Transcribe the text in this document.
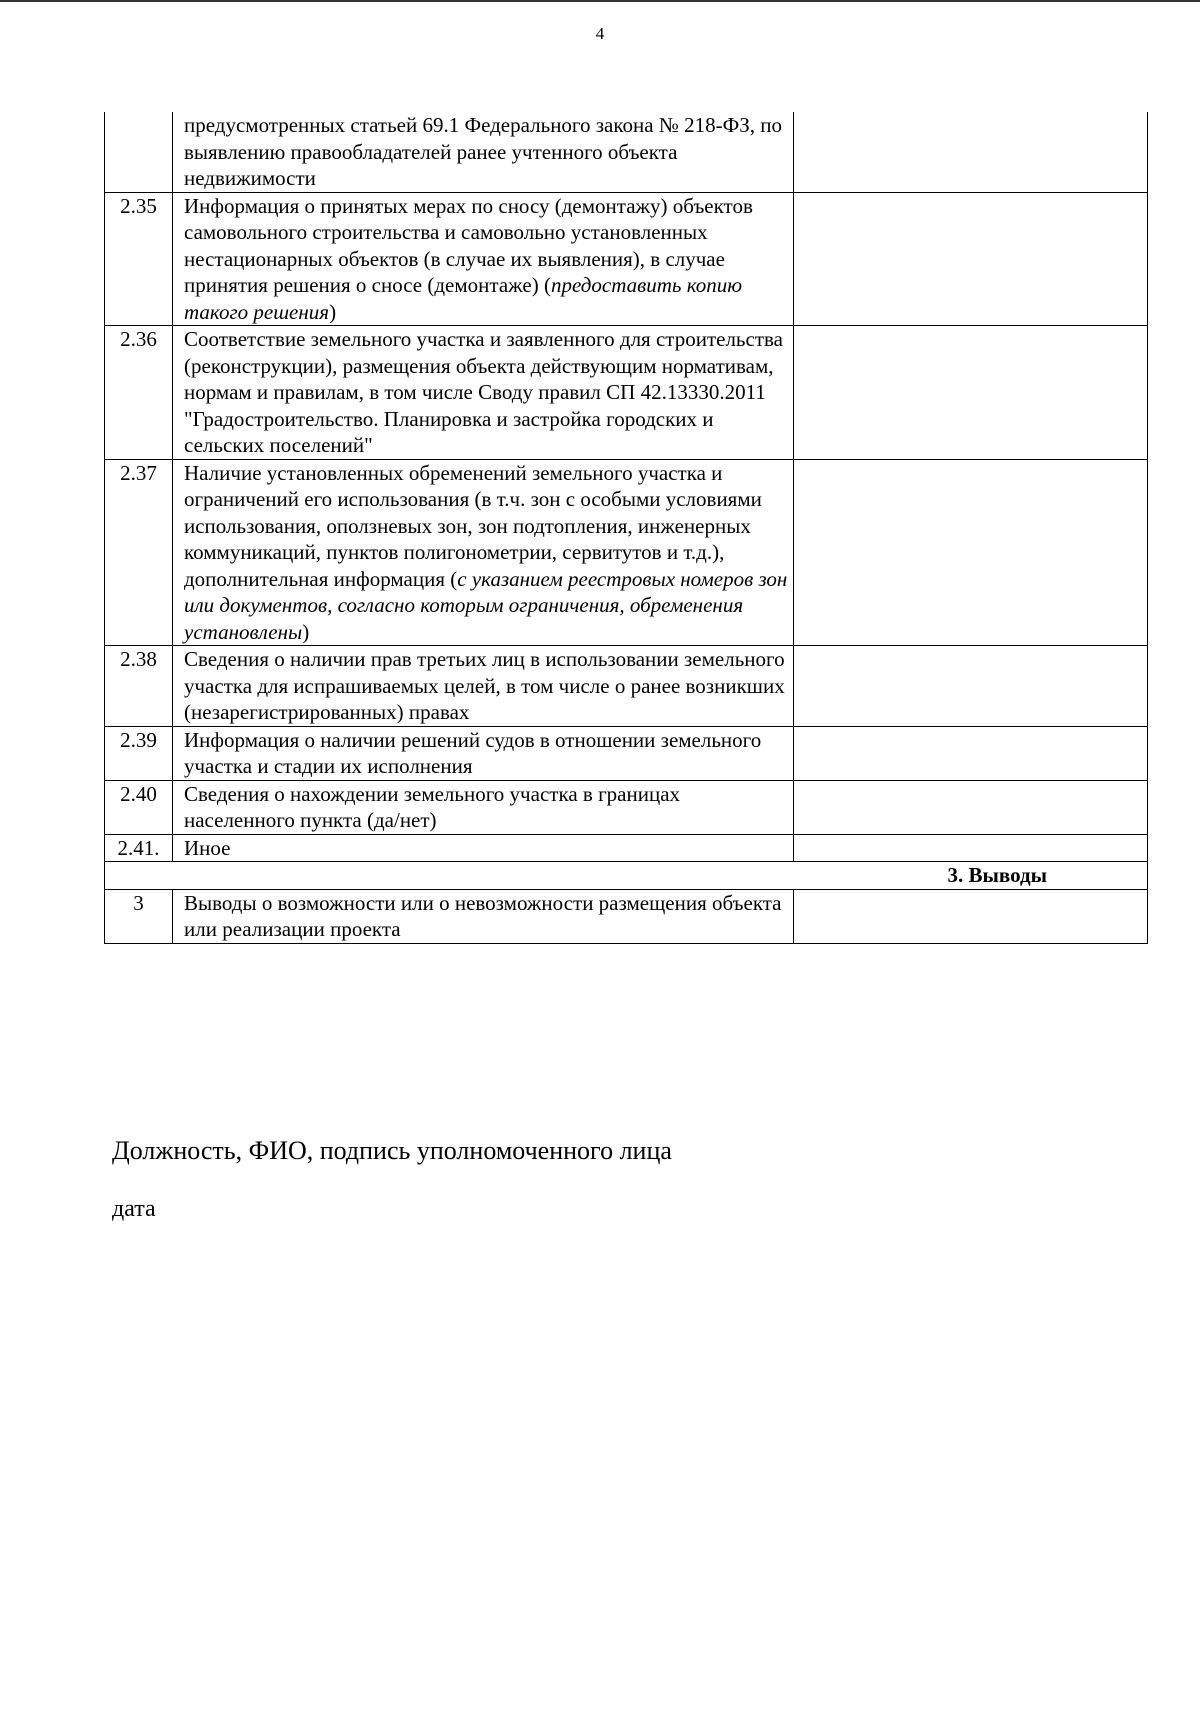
4
	предусмотренных статьей 69.1 Федерального закона № 218-ФЗ, по выявлению правообладателей ранее учтенного объекта недвижимости	
2.35	Информация о принятых мерах по сносу (демонтажу) объектов самовольного строительства и самовольно установленных нестационарных объектов (в случае их выявления), в случае принятия решения о сносе (демонтаже) (предоставить копию такого решения)	
2.36	Соответствие земельного участка и заявленного для строительства (реконструкции), размещения объекта действующим нормативам, нормам и правилам, в том числе Своду правил СП 42.13330.2011 "Градостроительство. Планировка и застройка городских и сельских поселений"	
2.37	Наличие установленных обременений земельного участка и ограничений его использования (в т.ч. зон с особыми условиями использования, оползневых зон, зон подтопления, инженерных коммуникаций, пунктов полигонометрии, сервитутов и т.д.), дополнительная информация (с указанием реестровых номеров зон или документов, согласно которым ограничения, обременения установлены)	
2.38	Сведения о наличии прав третьих лиц в использовании земельного участка для испрашиваемых целей, в том числе о ранее возникших (незарегистрированных) правах	
2.39	Информация о наличии решений судов в отношении земельного участка и стадии их исполнения	
2.40	Сведения о нахождении земельного участка в границах населенного пункта (да/нет)	
2.41.	Иное	
3. Выводы		
3	Выводы о возможности или о невозможности размещения объекта или реализации проекта	
Должность, ФИО, подпись уполномоченного лица
дата
